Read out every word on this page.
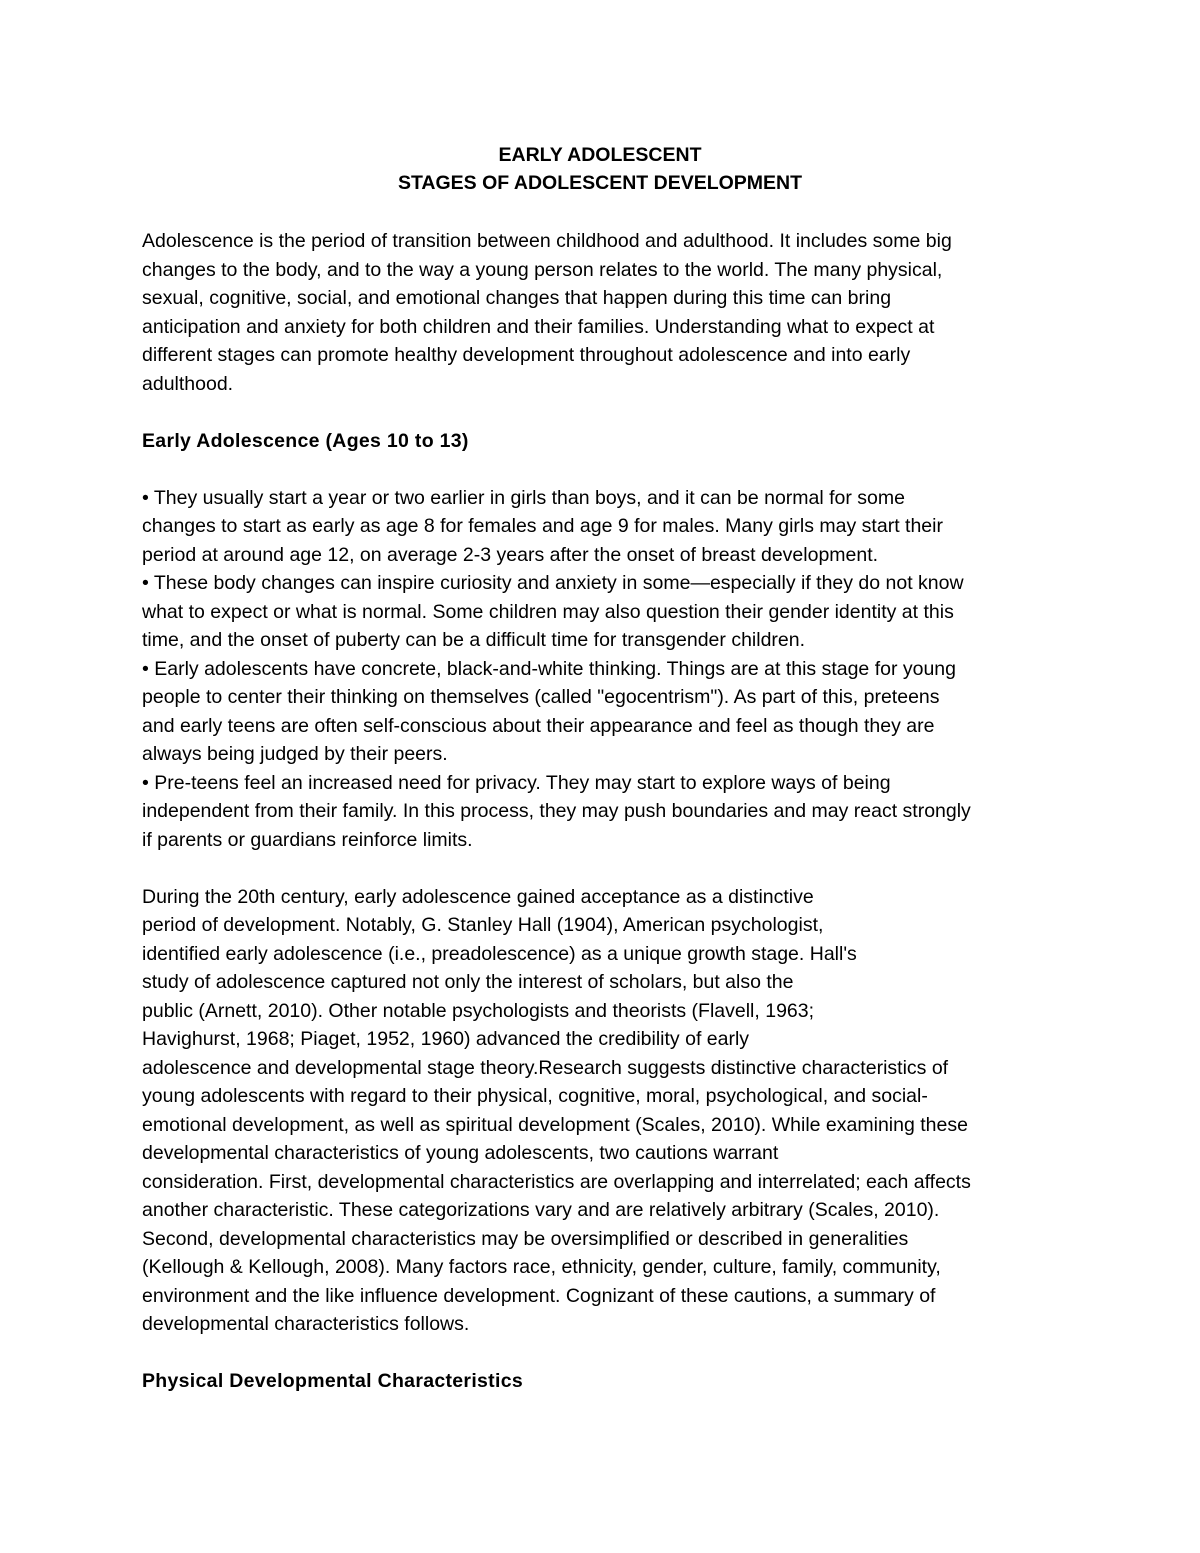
EARLY ADOLESCENT
STAGES OF ADOLESCENT DEVELOPMENT

Adolescence is the period of transition between childhood and adulthood. It includes some big
changes to the body, and to the way a young person relates to the world. The many physical,
sexual, cognitive, social, and emotional changes that happen during this time can bring
anticipation and anxiety for both children and their families. Understanding what to expect at
different stages can promote healthy development throughout adolescence and into early
adulthood.

Early Adolescence (Ages 10 to 13)

• They usually start a year or two earlier in girls than boys, and it can be normal for some
changes to start as early as age 8 for females and age 9 for males. Many girls may start their
period at around age 12, on average 2-3 years after the onset of breast development.
• These body changes can inspire curiosity and anxiety in some—especially if they do not know
what to expect or what is normal. Some children may also question their gender identity at this
time, and the onset of puberty can be a difficult time for transgender children.
• Early adolescents have concrete, black-and-white thinking. Things are at this stage for young
people to center their thinking on themselves (called "egocentrism"). As part of this, preteens
and early teens are often self-conscious about their appearance and feel as though they are
always being judged by their peers.
• Pre-teens feel an increased need for privacy. They may start to explore ways of being
independent from their family. In this process, they may push boundaries and may react strongly
if parents or guardians reinforce limits.

During the 20th century, early adolescence gained acceptance as a distinctive
period of development. Notably, G. Stanley Hall (1904), American psychologist,
identified early adolescence (i.e., preadolescence) as a unique growth stage. Hall's
study of adolescence captured not only the interest of scholars, but also the
public (Arnett, 2010). Other notable psychologists and theorists (Flavell, 1963;
Havighurst, 1968; Piaget, 1952, 1960) advanced the credibility of early
adolescence and developmental stage theory.Research suggests distinctive characteristics of
young adolescents with regard to their physical, cognitive, moral, psychological, and social-
emotional development, as well as spiritual development (Scales, 2010). While examining these
developmental characteristics of young adolescents, two cautions warrant
consideration. First, developmental characteristics are overlapping and interrelated; each affects
another characteristic. These categorizations vary and are relatively arbitrary (Scales, 2010).
Second, developmental characteristics may be oversimplified or described in generalities
(Kellough & Kellough, 2008). Many factors race, ethnicity, gender, culture, family, community,
environment and the like influence development. Cognizant of these cautions, a summary of
developmental characteristics follows.

Physical Developmental Characteristics
